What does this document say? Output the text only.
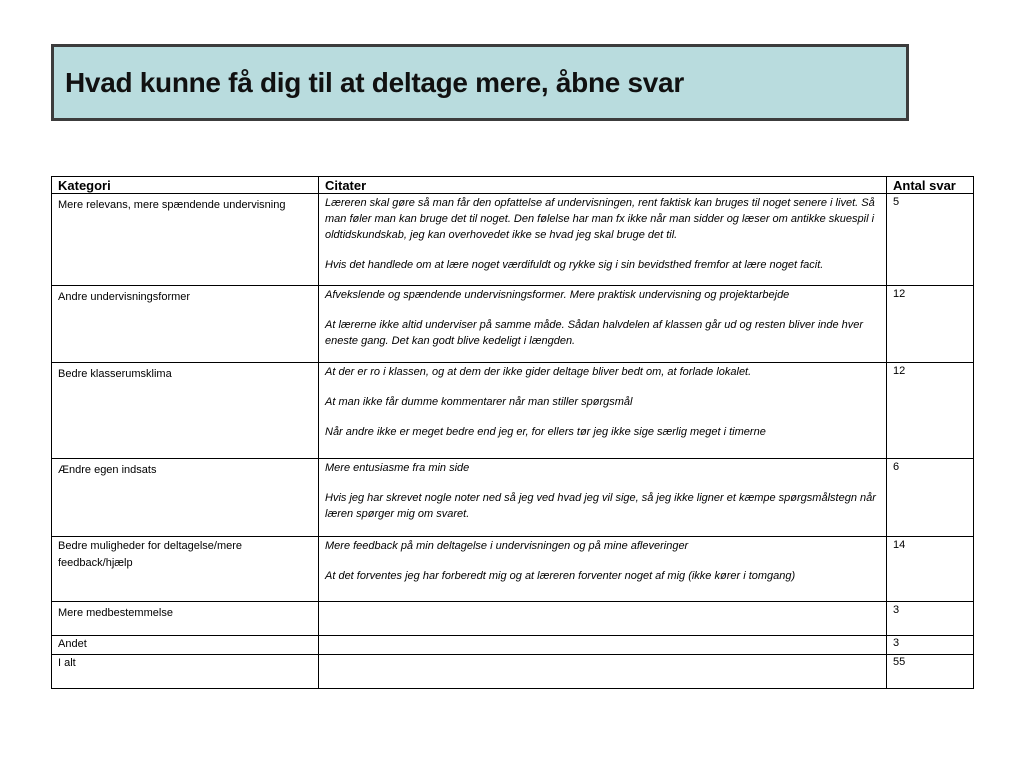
Hvad kunne få dig til at deltage mere, åbne svar
Kategori	Citater	Antal svar
Mere relevans, mere spændende undervisning	Læreren skal gøre så man får den opfattelse af undervisningen, rent faktisk kan bruges til noget senere i livet. Så man føler man kan bruge det til noget. Den følelse har man fx ikke når man sidder og læser om antikke skuespil i oldtidskundskab, jeg kan overhovedet ikke se hvad jeg skal bruge det til.

Hvis det handlede om at lære noget værdifuldt og rykke sig i sin bevidsthed fremfor at lære noget facit.	5
Andre undervisningsformer	Afvekslende og spændende undervisningsformer. Mere praktisk undervisning og projektarbejde

At lærerne ikke altid underviser på samme måde. Sådan halvdelen af klassen går ud og resten bliver inde hver eneste gang. Det kan godt blive kedeligt i længden.	12
Bedre klasserumsklima	At der er ro i klassen, og at dem der ikke gider deltage bliver bedt om, at forlade lokalet.

At man ikke får dumme kommentarer når man stiller spørgsmål

Når andre ikke er meget bedre end jeg er, for ellers tør jeg ikke sige særlig meget i timerne	12
Ændre egen indsats	Mere entusiasme fra min side

Hvis jeg har skrevet nogle noter ned så jeg ved hvad jeg vil sige, så jeg ikke ligner et kæmpe spørgsmålstegn når læren spørger mig om svaret.	6
Bedre muligheder for deltagelse/mere feedback/hjælp	Mere feedback på min deltagelse i undervisningen og på mine afleveringer

At det forventes jeg har forberedt mig og at læreren forventer noget af mig (ikke kører i tomgang)	14
Mere medbestemmelse		3
Andet		3
I alt		55
